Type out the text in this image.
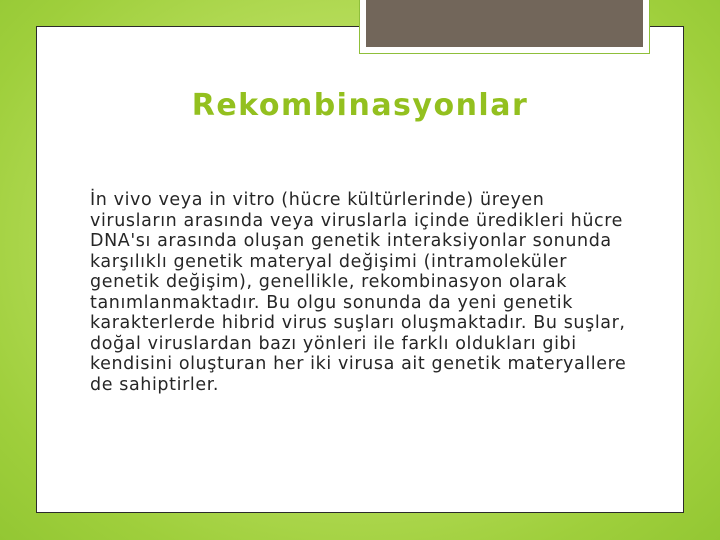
Rekombinasyonlar

İn vivo veya in vitro (hücre kültürlerinde) üreyen virusların arasında veya viruslarla içinde üredikleri hücre DNA'sı arasında oluşan genetik interaksiyonlar sonunda karşılıklı genetik materyal değişimi (intramoleküler genetik değişim), genellikle, rekombinasyon olarak tanımlanmaktadır. Bu olgu sonunda da yeni genetik karakterlerde hibrid virus suşları oluşmaktadır. Bu suşlar, doğal viruslardan bazı yönleri ile farklı oldukları gibi kendisini oluşturan her iki virusa ait genetik materyallere de sahiptirler.
